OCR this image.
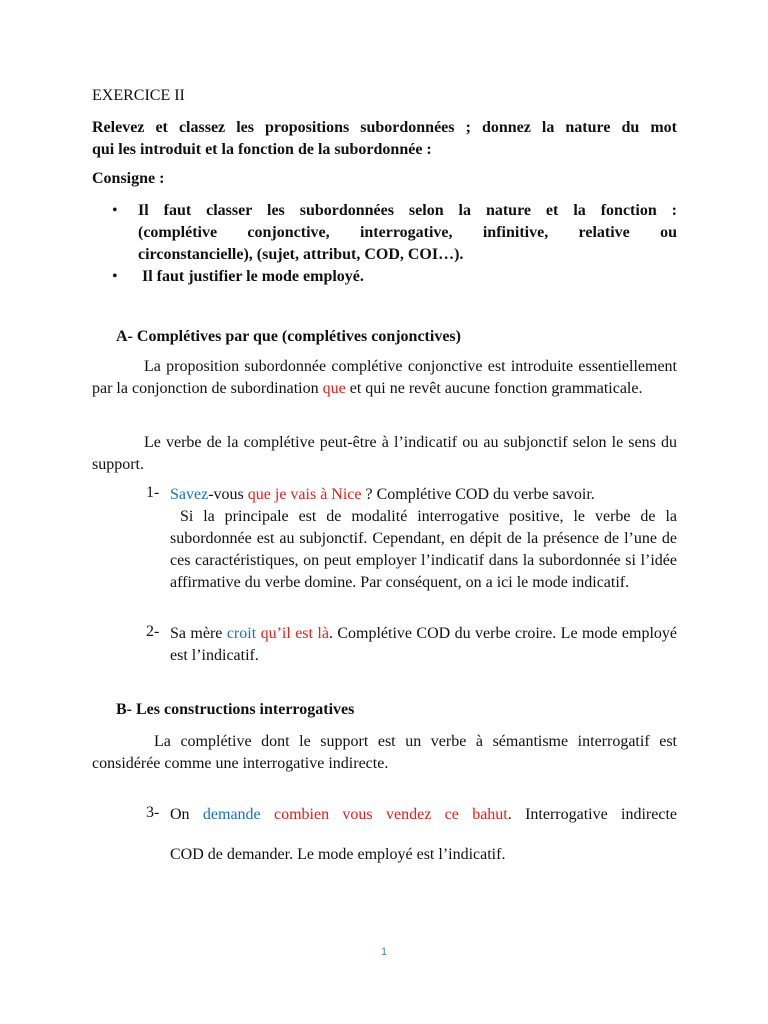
EXERCICE II
Relevez et classez les propositions subordonnées ; donnez la nature du mot
qui les introduit et la fonction de la subordonnée :
Consigne :
• Il faut classer les subordonnées selon la nature et la fonction :
(complétive conjonctive, interrogative, infinitive, relative ou
circonstancielle), (sujet, attribut, COD, COI…).
• Il faut justifier le mode employé.
A- Complétives par que (complétives conjonctives)
La proposition subordonnée complétive conjonctive est introduite essentiellement par la conjonction de subordination que et qui ne revêt aucune fonction grammaticale.
Le verbe de la complétive peut-être à l’indicatif ou au subjonctif selon le sens du support.
1- Savez-vous que je vais à Nice ? Complétive COD du verbe savoir.
Si la principale est de modalité interrogative positive, le verbe de la subordonnée est au subjonctif. Cependant, en dépit de la présence de l’une de ces caractéristiques, on peut employer l’indicatif dans la subordonnée si l’idée affirmative du verbe domine. Par conséquent, on a ici le mode indicatif.
2- Sa mère croit qu’il est là. Complétive COD du verbe croire. Le mode employé est l’indicatif.
B- Les constructions interrogatives
La complétive dont le support est un verbe à sémantisme interrogatif est considérée comme une interrogative indirecte.
3- On demande combien vous vendez ce bahut. Interrogative indirecte
COD de demander. Le mode employé est l’indicatif.
1
